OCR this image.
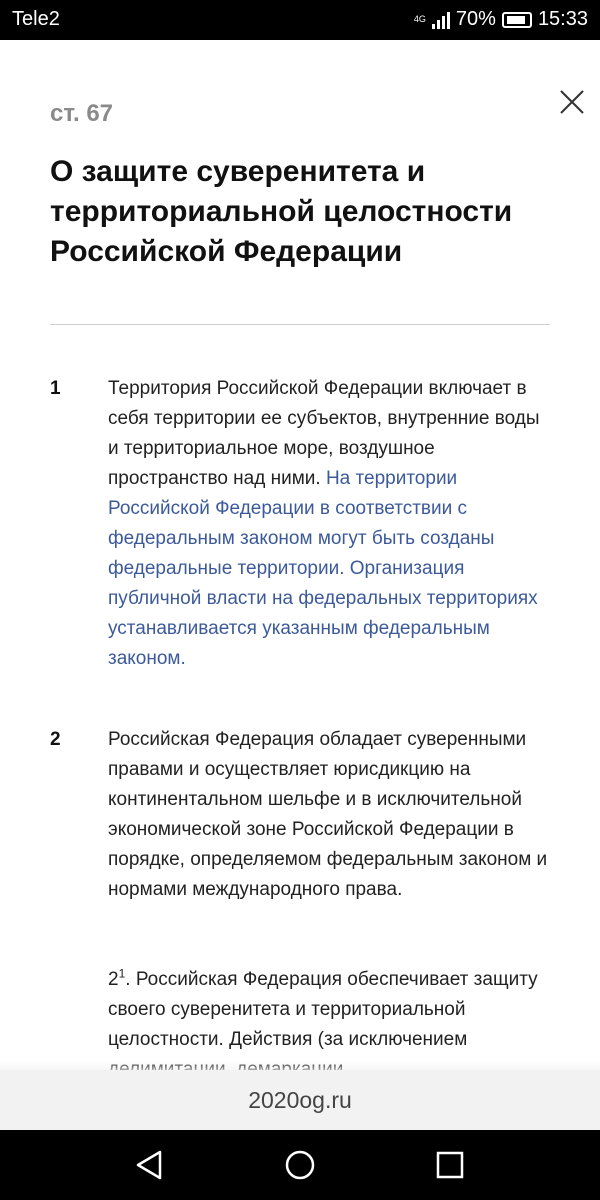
Tele2	4G 70% 15:33
ст. 67
О защите суверенитета и территориальной целостности Российской Федерации
1 Территория Российской Федерации включает в себя территории ее субъектов, внутренние воды и территориальное море, воздушное пространство над ними. На территории Российской Федерации в соответствии с федеральным законом могут быть созданы федеральные территории. Организация публичной власти на федеральных территориях устанавливается указанным федеральным законом.
2 Российская Федерация обладает суверенными правами и осуществляет юрисдикцию на континентальном шельфе и в исключительной экономической зоне Российской Федерации в порядке, определяемом федеральным законом и нормами международного права.
$2^1$. Российская Федерация обеспечивает защиту своего суверенитета и территориальной целостности. Действия (за исключением
2020og.ru
